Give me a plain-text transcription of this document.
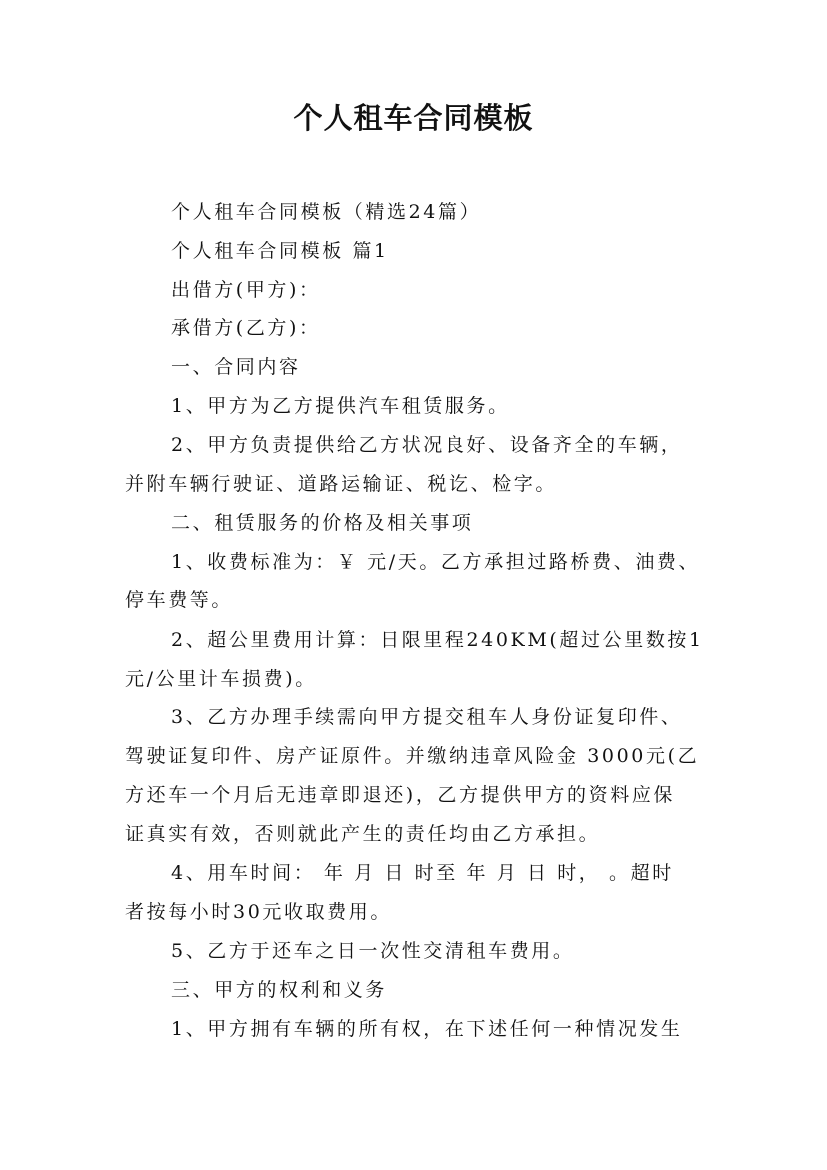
个人租车合同模板
个人租车合同模板（精选24篇）
个人租车合同模板 篇1
出借方(甲方)：
承借方(乙方)：
一、合同内容
1、甲方为乙方提供汽车租赁服务。
2、甲方负责提供给乙方状况良好、设备齐全的车辆，
并附车辆行驶证、道路运输证、税讫、检字。
二、租赁服务的价格及相关事项
1、收费标准为：￥ 元/天。乙方承担过路桥费、油费、
停车费等。
2、超公里费用计算：日限里程240KM(超过公里数按1
元/公里计车损费)。
3、乙方办理手续需向甲方提交租车人身份证复印件、
驾驶证复印件、房产证原件。并缴纳违章风险金 3000元(乙
方还车一个月后无违章即退还)，乙方提供甲方的资料应保
证真实有效，否则就此产生的责任均由乙方承担。
4、用车时间： 年 月 日 时至 年 月 日 时， 。超时
者按每小时30元收取费用。
5、乙方于还车之日一次性交清租车费用。
三、甲方的权利和义务
1、甲方拥有车辆的所有权，在下述任何一种情况发生
